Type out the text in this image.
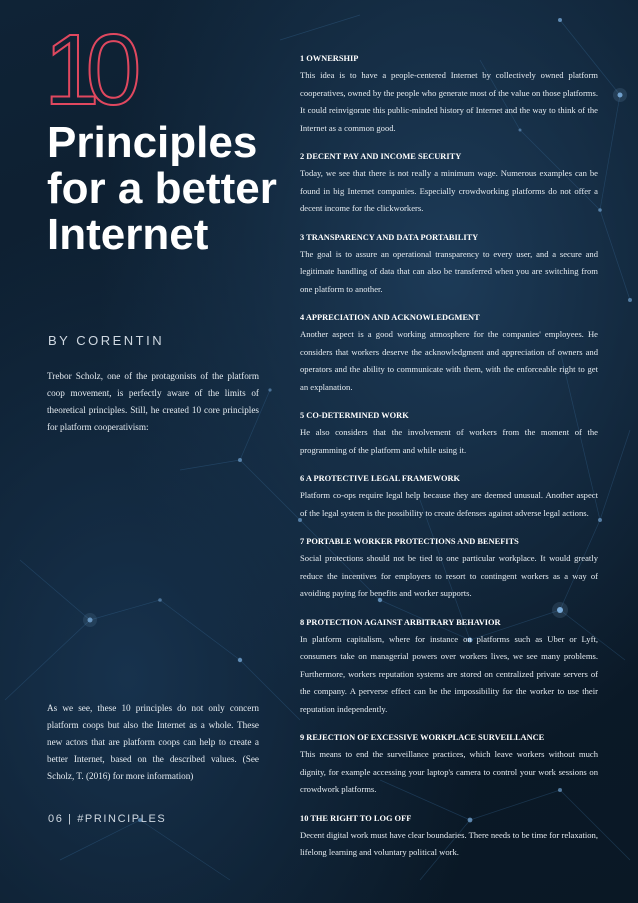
10
Principles for a better Internet
BY CORENTIN

Trebor Scholz, one of the protagonists of the platform coop movement, is perfectly aware of the limits of theoretical principles. Still, he created 10 core principles for platform cooperativism:

1 OWNERSHIP

This idea is to have a people-centered Internet by collectively owned platform cooperatives, owned by the people who generate most of the value on those platforms. It could reinvigorate this public-minded history of Internet and the way to think of the Internet as a common good.

2 DECENT PAY AND INCOME SECURITY

Today, we see that there is not really a minimum wage. Numerous examples can be found in big Internet companies. Especially crowdworking platforms do not offer a decent income for the clickworkers.

3 TRANSPARENCY AND DATA PORTABILITY

The goal is to assure an operational transparency to every user, and a secure and legitimate handling of data that can also be transferred when you are switching from one platform to another.

4 APPRECIATION AND ACKNOWLEDGMENT

Another aspect is a good working atmosphere for the companies' employees. He considers that workers deserve the acknowledgment and appreciation of owners and operators and the ability to communicate with them, with the enforceable right to get an explanation.

5 CO-DETERMINED WORK

He also considers that the involvement of workers from the moment of the programming of the platform and while using it.

6 A PROTECTIVE LEGAL FRAMEWORK

Platform co-ops require legal help because they are deemed unusual. Another aspect of the legal system is the possibility to create defenses against adverse legal actions.

7 PORTABLE WORKER PROTECTIONS AND BENEFITS

Social protections should not be tied to one particular workplace. It would greatly reduce the incentives for employers to resort to contingent workers as a way of avoiding paying for benefits and worker supports.

8 PROTECTION AGAINST ARBITRARY BEHAVIOR

In platform capitalism, where for instance on platforms such as Uber or Lyft, consumers take on managerial powers over workers lives, we see many problems. Furthermore, workers reputation systems are stored on centralized private servers of the company. A perverse effect can be the impossibility for the worker to use their reputation independently.

9 REJECTION OF EXCESSIVE WORKPLACE SURVEILLANCE

This means to end the surveillance practices, which leave workers without much dignity, for example accessing your laptop's camera to control your work sessions on crowdwork platforms.

10 THE RIGHT TO LOG OFF

Decent digital work must have clear boundaries. There needs to be time for relaxation, lifelong learning and voluntary political work.

As we see, these 10 principles do not only concern platform coops but also the Internet as a whole. These new actors that are platform coops can help to create a better Internet, based on the described values. (See Scholz, T. (2016) for more information)

06 | #PRINCIPLES
